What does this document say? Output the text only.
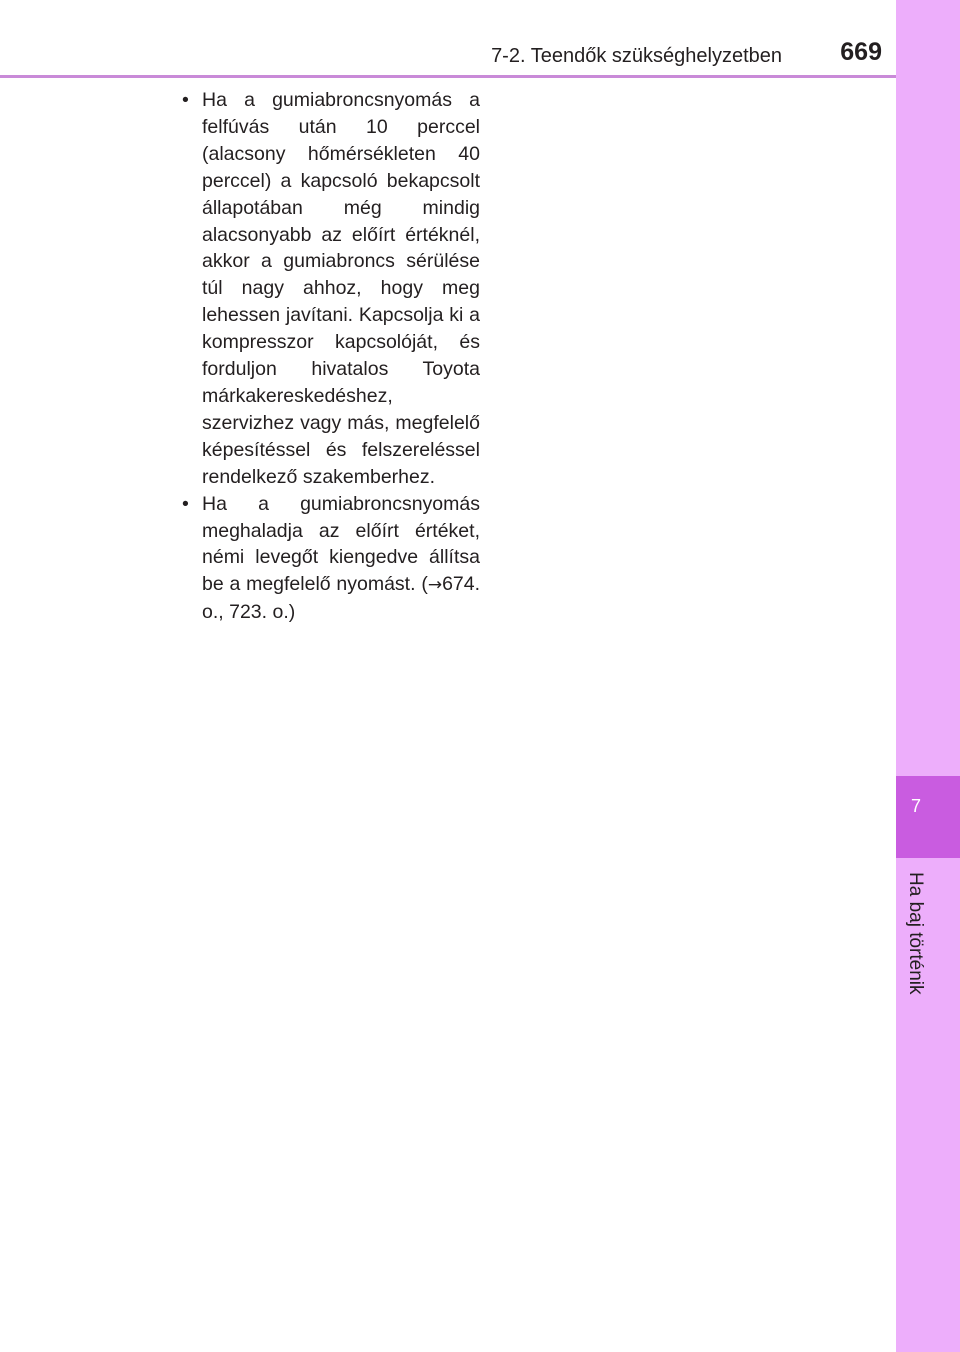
7-2. Teendők szükséghelyzetben 669
7
Ha baj történik
• Ha a gumiabroncsnyomás a felfúvás után 10 perccel (alacsony hőmérsékleten 40 perccel) a kapcsoló bekapcsolt állapotában még mindig alacsonyabb az előírt értéknél, akkor a gumiabroncs sérülése túl nagy ahhoz, hogy meg lehessen javítani. Kapcsolja ki a kompresszor kapcsolóját, és forduljon hivatalos Toyota márkakereskedéshez, szervizhez vagy más, megfelelő képesítéssel és felszereléssel rendelkező szakemberhez.
• Ha a gumiabroncsnyomás meghaladja az előírt értéket, némi levegőt kiengedve állítsa be a megfelelő nyomást. (→674. o., 723. o.)
